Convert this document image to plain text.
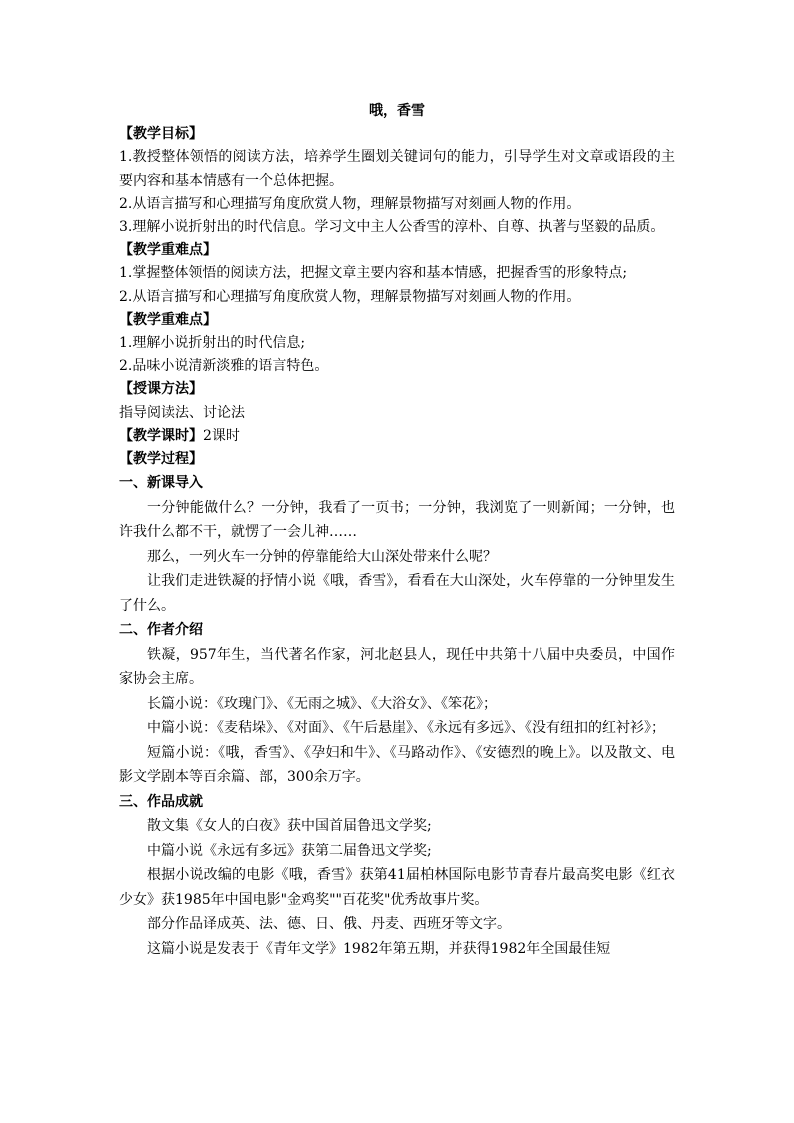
哦，香雪
【教学目标】
1.教授整体领悟的阅读方法，培养学生圈划关键词句的能力，引导学生对文章或语段的主要内容和基本情感有一个总体把握。
2.从语言描写和心理描写角度欣赏人物，理解景物描写对刻画人物的作用。
3.理解小说折射出的时代信息。学习文中主人公香雪的淳朴、自尊、执著与坚毅的品质。
【教学重难点】
1.掌握整体领悟的阅读方法，把握文章主要内容和基本情感，把握香雪的形象特点;
2.从语言描写和心理描写角度欣赏人物，理解景物描写对刻画人物的作用。
【教学重难点】
1.理解小说折射出的时代信息;
2.品味小说清新淡雅的语言特色。
【授课方法】
指导阅读法、讨论法
【教学课时】2课时
【教学过程】
一、新课导入
一分钟能做什么？一分钟，我看了一页书；一分钟，我浏览了一则新闻；一分钟，也许我什么都不干，就愣了一会儿神……
那么，一列火车一分钟的停靠能给大山深处带来什么呢？
让我们走进铁凝的抒情小说《哦，香雪》，看看在大山深处，火车停靠的一分钟里发生了什么。
二、作者介绍
铁凝，957年生，当代著名作家，河北赵县人，现任中共第十八届中央委员，中国作家协会主席。
长篇小说：《玫瑰门》、《无雨之城》、《大浴女》、《笨花》；
中篇小说：《麦秸垛》、《对面》、《午后悬崖》、《永远有多远》、《没有纽扣的红衬衫》；
短篇小说：《哦，香雪》、《孕妇和牛》、《马路动作》、《安德烈的晚上》。以及散文、电影文学剧本等百余篇、部，300余万字。
三、作品成就
散文集《女人的白夜》获中国首届鲁迅文学奖;
中篇小说《永远有多远》获第二届鲁迅文学奖;
根据小说改编的电影《哦，香雪》获第41届柏林国际电影节青春片最高奖电影《红衣少女》获1985年中国电影"金鸡奖""百花奖"优秀故事片奖。
部分作品译成英、法、德、日、俄、丹麦、西班牙等文字。
这篇小说是发表于《青年文学》1982年第五期，并获得1982年全国最佳短
